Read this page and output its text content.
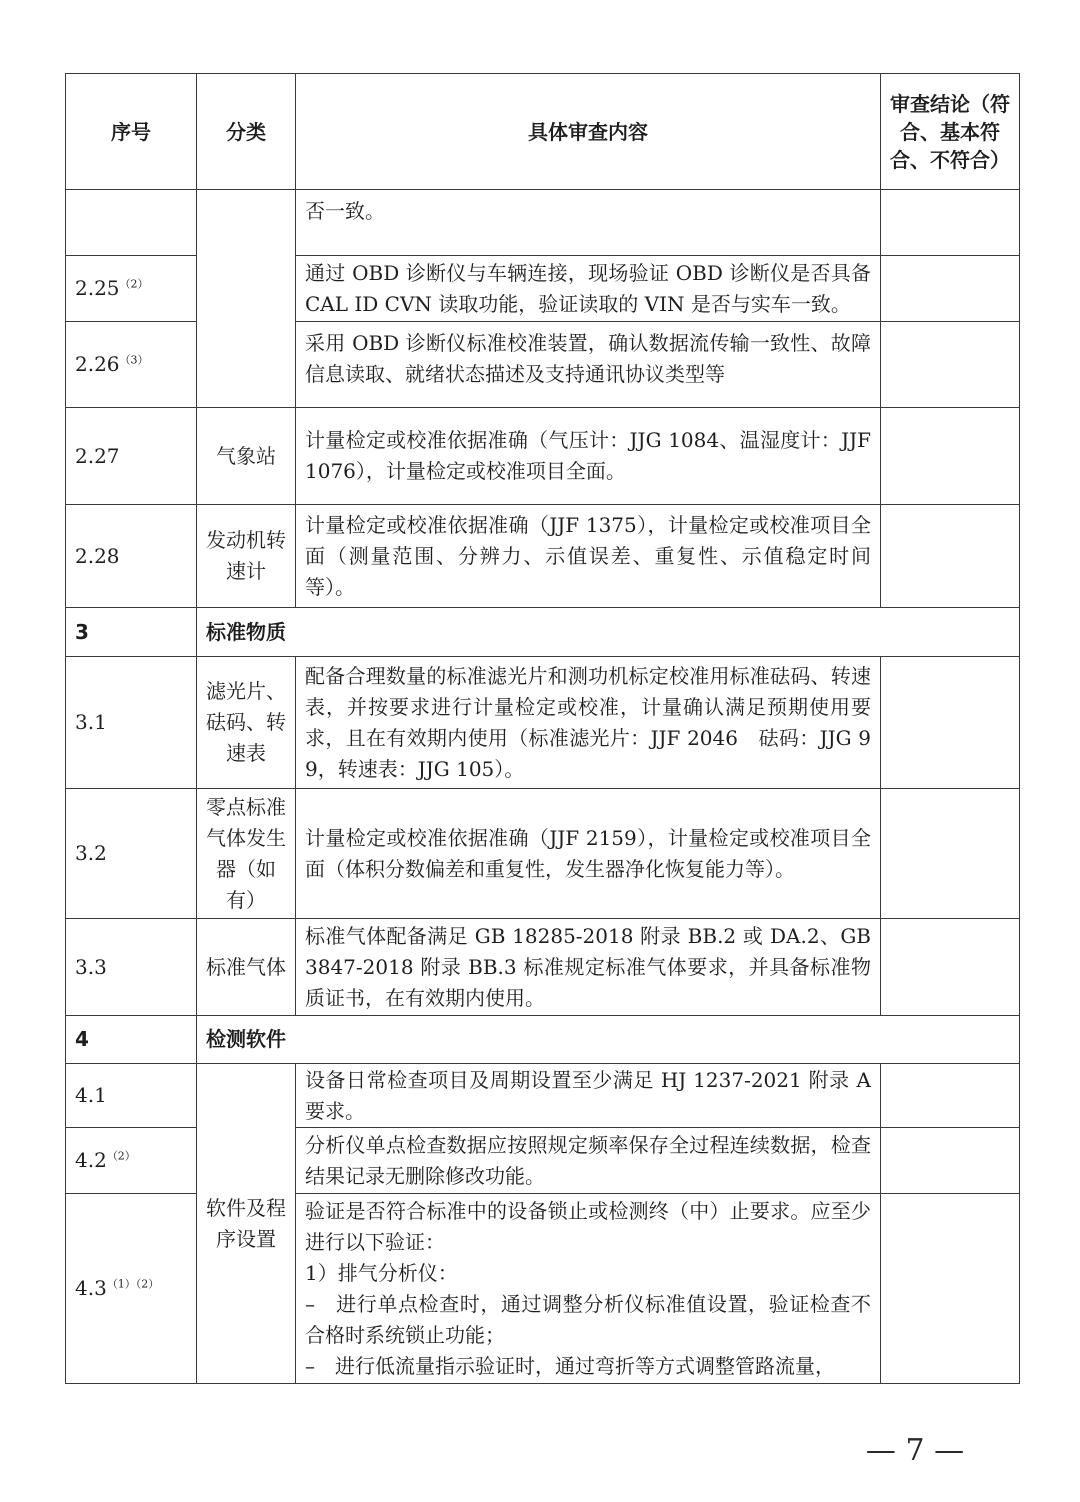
序号	分类	具体审查内容	审查结论（符合、基本符合、不符合）
		否一致。	
$2.25^{(2)}$		通过 OBD 诊断仪与车辆连接，现场验证 OBD 诊断仪是否具备 CAL ID CVN 读取功能，验证读取的 VIN 是否与实车一致。	
$2.26^{(3)}$		采用 OBD 诊断仪标准校准装置，确认数据流传输一致性、故障信息读取、就绪状态描述及支持通讯协议类型等	
2.27	气象站	计量检定或校准依据准确（气压计：JJG 1084、温湿度计：JJF 1076），计量检定或校准项目全面。	
2.28	发动机转速计	计量检定或校准依据准确（JJF 1375），计量检定或校准项目全面（测量范围、分辨力、示值误差、重复性、示值稳定时间等）。	
3	标准物质		
3.1	滤光片、砝码、转速表	配备合理数量的标准滤光片和测功机标定校准用标准砝码、转速表，并按要求进行计量检定或校准，计量确认满足预期使用要求，且在有效期内使用（标准滤光片：JJF 2046　砝码：JJG 99，转速表：JJG 105）。	
3.2	零点标准气体发生器（如有）	计量检定或校准依据准确（JJF 2159），计量检定或校准项目全面（体积分数偏差和重复性，发生器净化恢复能力等）。	
3.3	标准气体	标准气体配备满足 GB 18285-2018 附录 BB.2 或 DA.2、GB 3847-2018 附录 BB.3 标准规定标准气体要求，并具备标准物质证书，在有效期内使用。	
4	检测软件		
4.1	软件及程序设置	设备日常检查项目及周期设置至少满足 HJ 1237-2021 附录 A 要求。	
$4.2^{(2)}$		分析仪单点检查数据应按照规定频率保存全过程连续数据，检查结果记录无删除修改功能。	
$4.3^{(1)(2)}$		验证是否符合标准中的设备锁止或检测终（中）止要求。应至少进行以下验证：
1）排气分析仪：
–　进行单点检查时，通过调整分析仪标准值设置，验证检查不合格时系统锁止功能；
–　进行低流量指示验证时，通过弯折等方式调整管路流量，	

— 7 —
